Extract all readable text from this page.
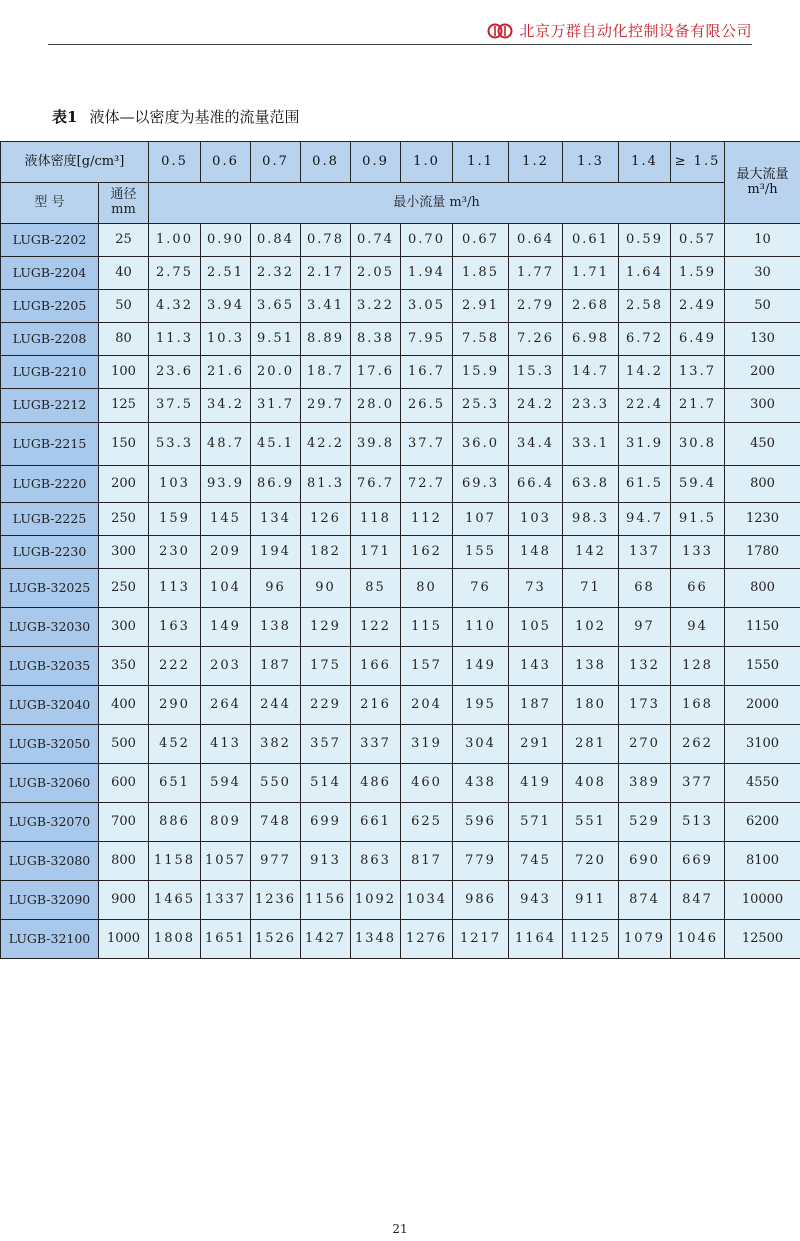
北京万群自动化控制设备有限公司
表1 液体—以密度为基准的流量范围
液体密度[g/cm³]		0.5	0.6	0.7	0.8	0.9	1.0	1.1	1.2	1.3	1.4	≥ 1.5	最大流量 m³/h
型 号	通径 mm	最小流量 m³/h											
LUGB-2202	25	1.00	0.90	0.84	0.78	0.74	0.70	0.67	0.64	0.61	0.59	0.57	10
LUGB-2204	40	2.75	2.51	2.32	2.17	2.05	1.94	1.85	1.77	1.71	1.64	1.59	30
LUGB-2205	50	4.32	3.94	3.65	3.41	3.22	3.05	2.91	2.79	2.68	2.58	2.49	50
LUGB-2208	80	11.3	10.3	9.51	8.89	8.38	7.95	7.58	7.26	6.98	6.72	6.49	130
LUGB-2210	100	23.6	21.6	20.0	18.7	17.6	16.7	15.9	15.3	14.7	14.2	13.7	200
LUGB-2212	125	37.5	34.2	31.7	29.7	28.0	26.5	25.3	24.2	23.3	22.4	21.7	300
LUGB-2215	150	53.3	48.7	45.1	42.2	39.8	37.7	36.0	34.4	33.1	31.9	30.8	450
LUGB-2220	200	103	93.9	86.9	81.3	76.7	72.7	69.3	66.4	63.8	61.5	59.4	800
LUGB-2225	250	159	145	134	126	118	112	107	103	98.3	94.7	91.5	1230
LUGB-2230	300	230	209	194	182	171	162	155	148	142	137	133	1780
LUGB-32025	250	113	104	96	90	85	80	76	73	71	68	66	800
LUGB-32030	300	163	149	138	129	122	115	110	105	102	97	94	1150
LUGB-32035	350	222	203	187	175	166	157	149	143	138	132	128	1550
LUGB-32040	400	290	264	244	229	216	204	195	187	180	173	168	2000
LUGB-32050	500	452	413	382	357	337	319	304	291	281	270	262	3100
LUGB-32060	600	651	594	550	514	486	460	438	419	408	389	377	4550
LUGB-32070	700	886	809	748	699	661	625	596	571	551	529	513	6200
LUGB-32080	800	1158	1057	977	913	863	817	779	745	720	690	669	8100
LUGB-32090	900	1465	1337	1236	1156	1092	1034	986	943	911	874	847	10000
LUGB-32100	1000	1808	1651	1526	1427	1348	1276	1217	1164	1125	1079	1046	12500
21
